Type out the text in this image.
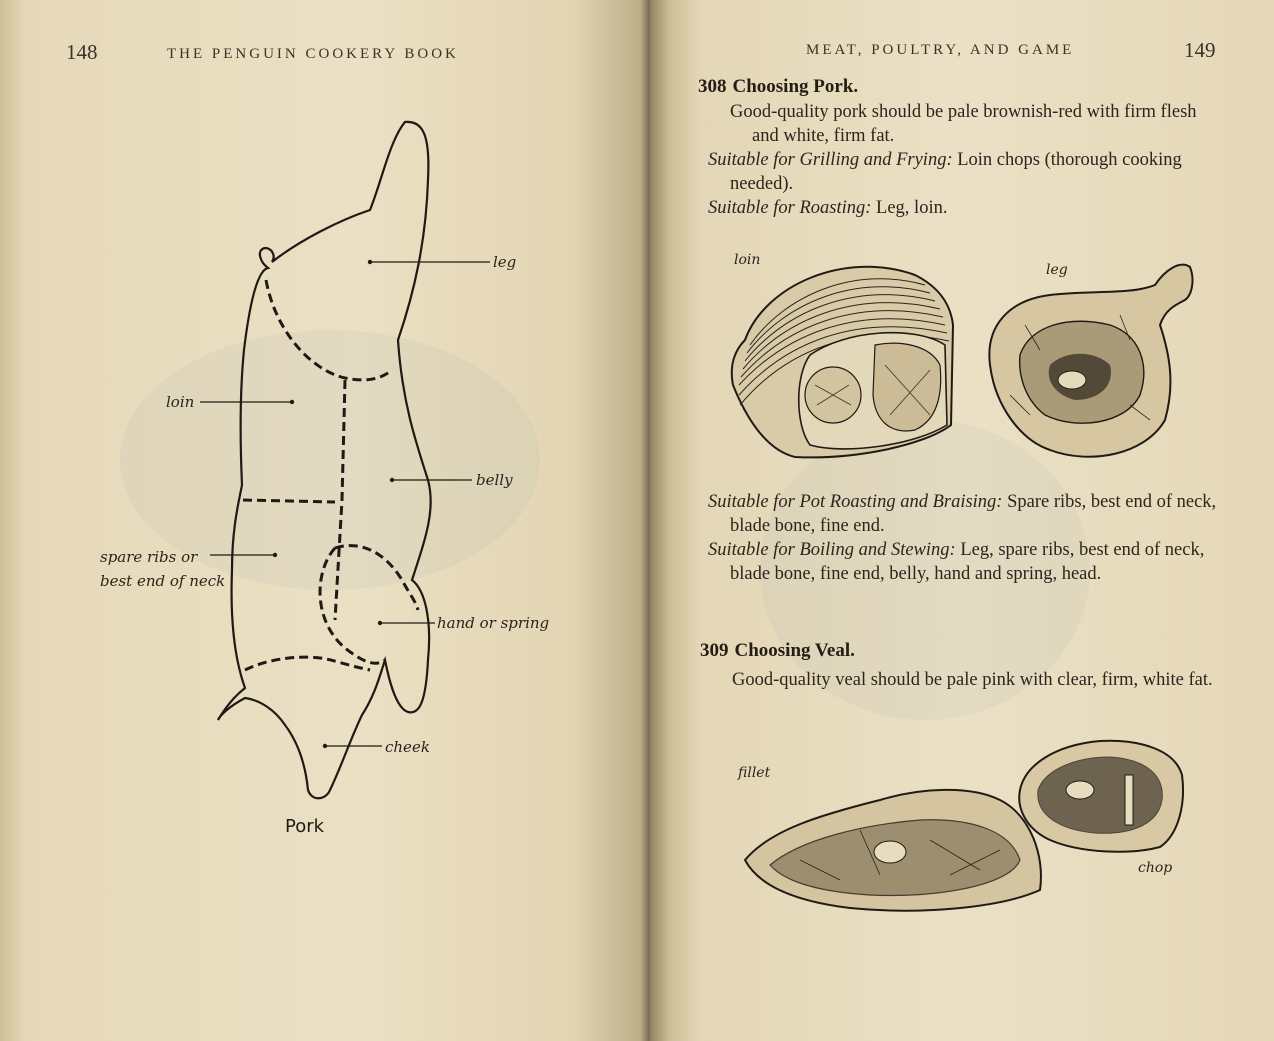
148	THE PENGUIN COOKERY BOOK
leg
loin
belly
spare ribs or
best end of neck
hand or spring
cheek
Pork
MEAT, POULTRY, AND GAME	149
308 Choosing Pork.
Good-quality pork should be pale brownish-red with firm flesh and white, firm fat.
Suitable for Grilling and Frying: Loin chops (thorough cooking needed).
Suitable for Roasting: Leg, loin.
loin
leg
Suitable for Pot Roasting and Braising: Spare ribs, best end of neck, blade bone, fine end.
Suitable for Boiling and Stewing: Leg, spare ribs, best end of neck, blade bone, fine end, belly, hand and spring, head.
309 Choosing Veal.
Good-quality veal should be pale pink with clear, firm, white fat.
fillet
chop
